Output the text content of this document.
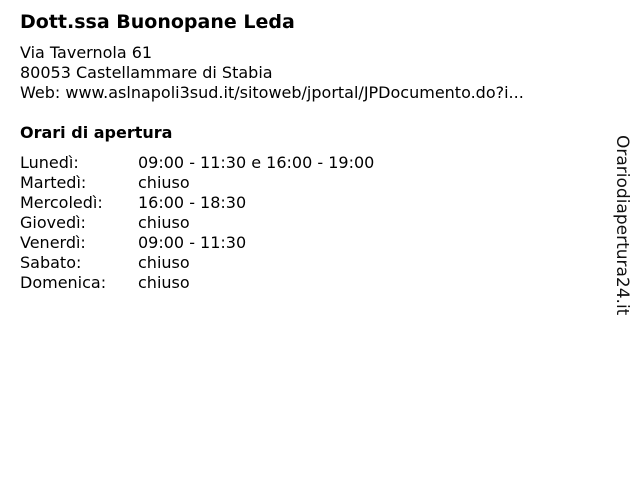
Dott.ssa Buonopane Leda
Via Tavernola 61
80053 Castellammare di Stabia
Web: www.aslnapoli3sud.it/sitoweb/jportal/JPDocumento.do?i...
Orari di apertura
Lunedì:	09:00 - 11:30 e 16:00 - 19:00
Martedì:	chiuso
Mercoledì: 16:00 - 18:30
Giovedì:	chiuso
Venerdì:	09:00 - 11:30
Sabato:	chiuso
Domenica: chiuso	Orariodiapertura24.it
